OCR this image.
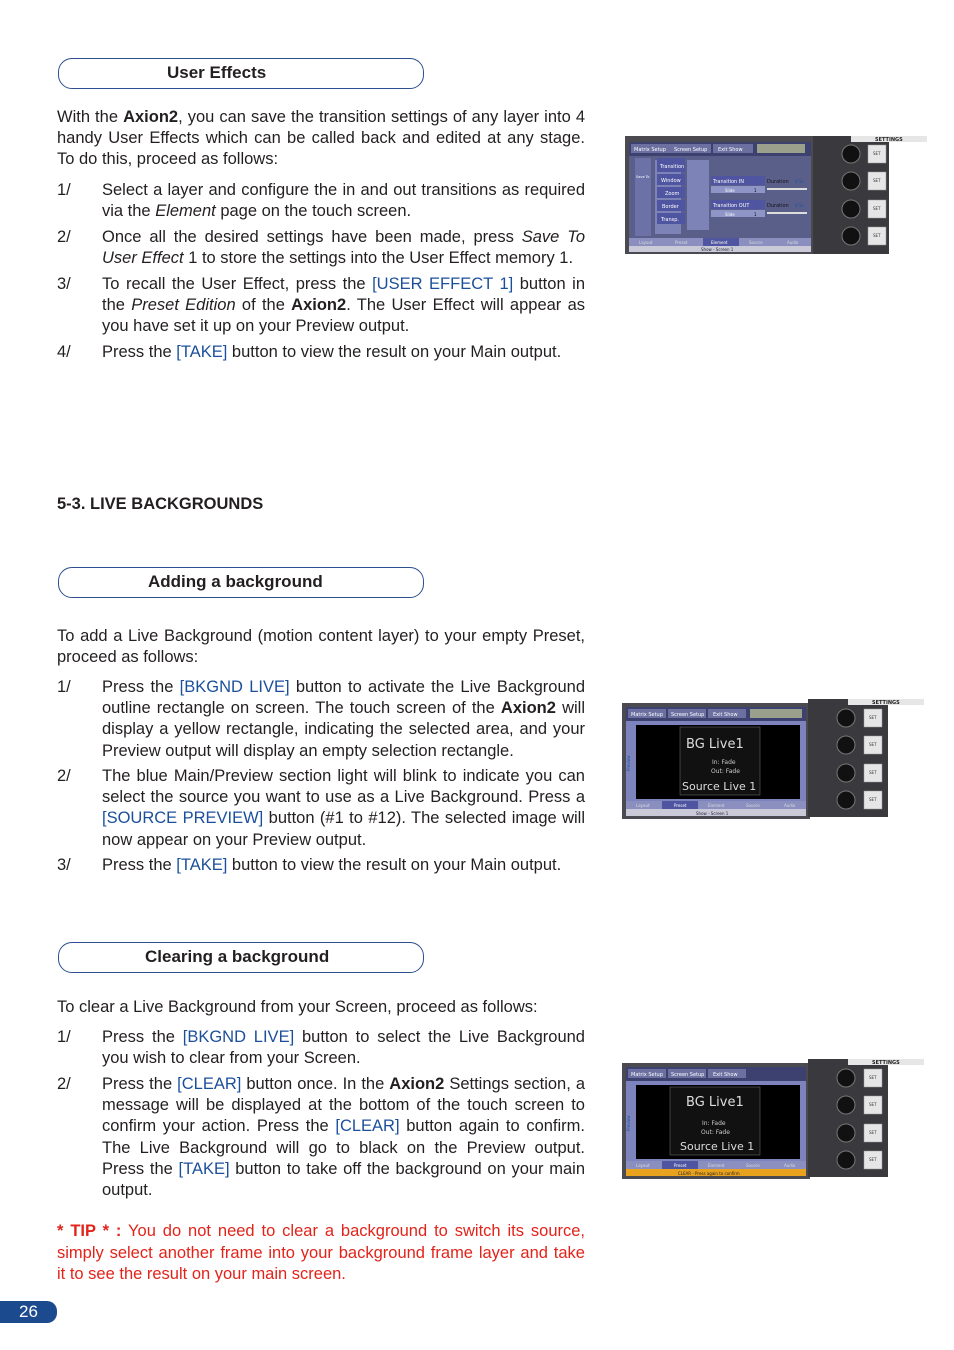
User Effects

With the Axion2, you can save the transition settings of any layer into 4 handy User Effects which can be called back and edited at any stage. To do this, proceed as follows:

1/ Select a layer and configure the in and out transitions as required via the Element page on the touch screen.
2/ Once all the desired settings have been made, press Save To User Effect 1 to store the settings into the User Effect memory 1.
3/ To recall the User Effect, press the [USER EFFECT 1] button in the Preset Edition of the Axion2. The User Effect will appear as you have set it up on your Preview output.
4/ Press the [TAKE] button to view the result on your Main output.
5-3. LIVE BACKGROUNDS
Adding a background

To add a Live Background (motion content layer) to your empty Preset, proceed as follows:

1/ Press the [BKGND LIVE] button to activate the Live Background outline rectangle on screen. The touch screen of the Axion2 will display a yellow rectangle, indicating the selected area, and your Preview output will display an empty selection rectangle.
2/ The blue Main/Preview section light will blink to indicate you can select the source you want to use as a Live Background. Press a [SOURCE PREVIEW] button (#1 to #12). The selected image will now appear on your Preview output.
3/ Press the [TAKE] button to view the result on your Main output.
Clearing a background

To clear a Live Background from your Screen, proceed as follows:

1/ Press the [BKGND LIVE] button to select the Live Background you wish to clear from your Screen.
2/ Press the [CLEAR] button once. In the Axion2 Settings section, a message will be displayed at the bottom of the touch screen to confirm your action. Press the [CLEAR] button again to confirm. The Live Background will go to black on the Preview output. Press the [TAKE] button to take off the background on your main output.
* TIP * : You do not need to clear a background to switch its source, simply select another frame into your background frame layer and take it to see the result on your main screen.
26
SETTINGS
Matrix Setup Screen Setup Exit Show
Save To
Transition
Window
Zoom
Border
Transp.
Transition IN
Slide	1
Transition OUT
Slide	1
Duration 0.5s
Duration 0.5s
Layout	Preset	Element	Source	Audio
Show - Screen 1
SET
SET
SET
SET
SETTINGS
Matrix Setup Screen Setup Exit Show
Preview
BG Live1
In: Fade
Out: Fade
Source Live 1
Layout	Preset	Element	Source	Audio
Show - Screen 1
SET
SET
SET
SET
SETTINGS
Matrix Setup Screen Setup Exit Show
Preview
BG Live1
In: Fade
Out: Fade
Source Live 1
Layout	Preset	Element	Source	Audio
CLEAR - Press again to confirm
SET
SET
SET
SET
